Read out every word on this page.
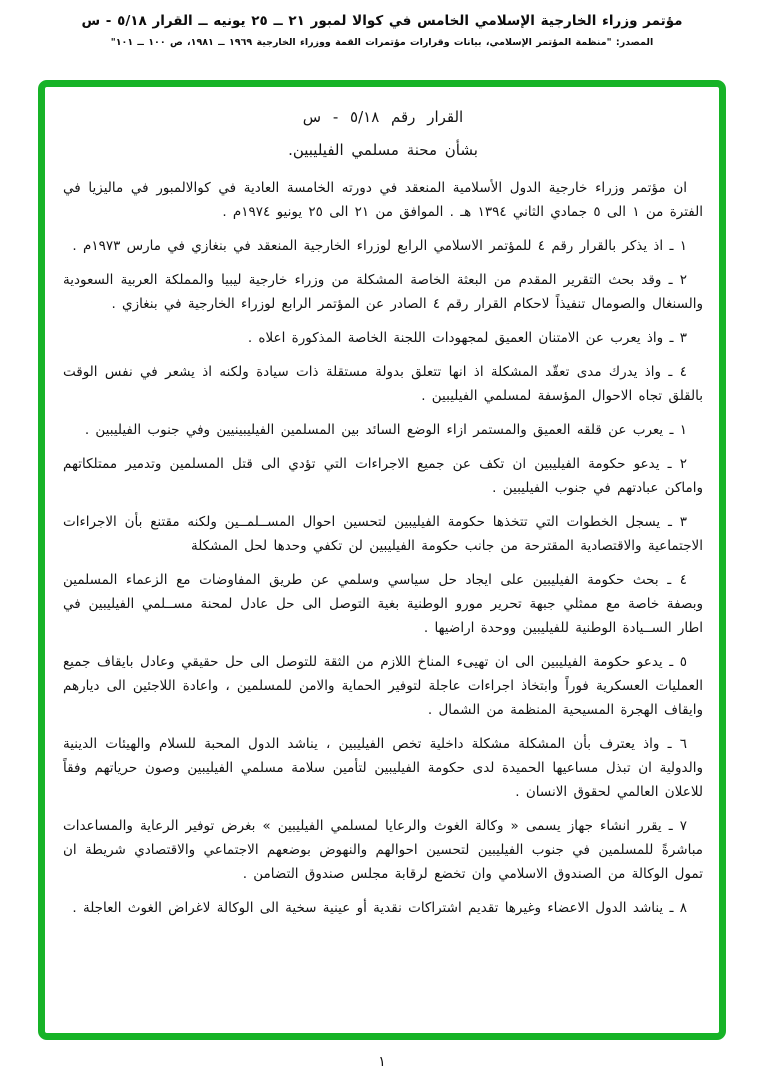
مؤتمر وزراء الخارجية الإسلامي الخامس في كوالا لمبور ٢١ ــ ٢٥ يونيه ــ القرار ٥/١٨ - س
المصدر: "منظمة المؤتمر الإسلامي، بيانات وقرارات مؤتمرات القمة ووزراء الخارجية ١٩٦٩ ــ ١٩٨١، ص ١٠٠ ــ ١٠١"
القرار رقم ٥/١٨ - س
بشأن محنة مسلمي الفيليبين.

ان مؤتمر وزراء خارجية الدول الأسلامية المنعقد في دورته الخامسة العادية في كوالالمبور في ماليزيا في الفترة من ١ الى ٥ جمادي الثاني ١٣٩٤ هـ . الموافق من ٢١ الى ٢٥ يونيو ١٩٧٤م .

١ ـ اذ يذكر بالقرار رقم ٤ للمؤتمر الاسلامي الرابع لوزراء الخارجية المنعقد في بنغازي في مارس ١٩٧٣م .

٢ ـ وقد بحث التقرير المقدم من البعثة الخاصة المشكلة من وزراء خارجية ليبيا والمملكة العربية السعودية والسنغال والصومال تنفيذاً لاحكام القرار رقم ٤ الصادر عن المؤتمر الرابع لوزراء الخارجية في بنغازي .

٣ ـ واذ يعرب عن الامتنان العميق لمجهودات اللجنة الخاصة المذكورة اعلاه .

٤ ـ واذ يدرك مدى تعقّد المشكلة اذ انها تتعلق بدولة مستقلة ذات سيادة ولكنه اذ يشعر في نفس الوقت بالقلق تجاه الاحوال المؤسفة لمسلمي الفيليبين .

١ ـ يعرب عن قلقه العميق والمستمر ازاء الوضع السائد بين المسلمين الفيليبينيين وفي جنوب الفيليبين .

٢ ـ يدعو حكومة الفيليبين ان تكف عن جميع الاجراءات التي تؤدي الى قتل المسلمين وتدمير ممتلكاتهم واماكن عبادتهم في جنوب الفيليبين .

٣ ـ يسجل الخطوات التي تتخذها حكومة الفيليبين لتحسين احوال المســلمــين ولكنه مقتنع بأن الاجراءات الاجتماعية والاقتصادية المقترحة من جانب حكومة الفيليبين لن تكفي وحدها لحل المشكلة

٤ ـ بحث حكومة الفيليبين على ايجاد حل سياسي وسلمي عن طريق المفاوضات مع الزعماء المسلمين وبصفة خاصة مع ممثلي جبهة تحرير مورو الوطنية بغية التوصل الى حل عادل لمحنة مســلمي الفيليبين في اطار الســيادة الوطنية للفيليبين ووحدة اراضيها .

٥ ـ يدعو حكومة الفيليبين الى ان تهيىء المناخ اللازم من الثقة للتوصل الى حل حقيقي وعادل بايقاف جميع العمليات العسكرية فوراً وابتخاذ اجراءات عاجلة لتوفير الحماية والامن للمسلمين ، واعادة اللاجئين الى ديارهم وايقاف الهجرة المسيحية المنظمة من الشمال .

٦ ـ واذ يعترف بأن المشكلة مشكلة داخلية تخص الفيليبين ، يناشد الدول المحبة للسلام والهيئات الدينية والدولية ان تبذل مساعيها الحميدة لدى حكومة الفيليبين لتأمين سلامة مسلمي الفيليبين وصون حرياتهم وفقاً للاعلان العالمي لحقوق الانسان .

٧ ـ يقرر انشاء جهاز يسمى « وكالة الغوث والرعايا لمسلمي الفيليبين » بغرض توفير الرعاية والمساعدات مباشرةً للمسلمين في جنوب الفيليبين لتحسين احوالهم والنهوض بوضعهم الاجتماعي والاقتصادي شريطة ان تمول الوكالة من الصندوق الاسلامي وان تخضع لرقابة مجلس صندوق التضامن .

٨ ـ يناشد الدول الاعضاء وغيرها تقديم اشتراكات نقدية أو عينية سخية الى الوكالة لاغراض الغوث العاجلة .

١
